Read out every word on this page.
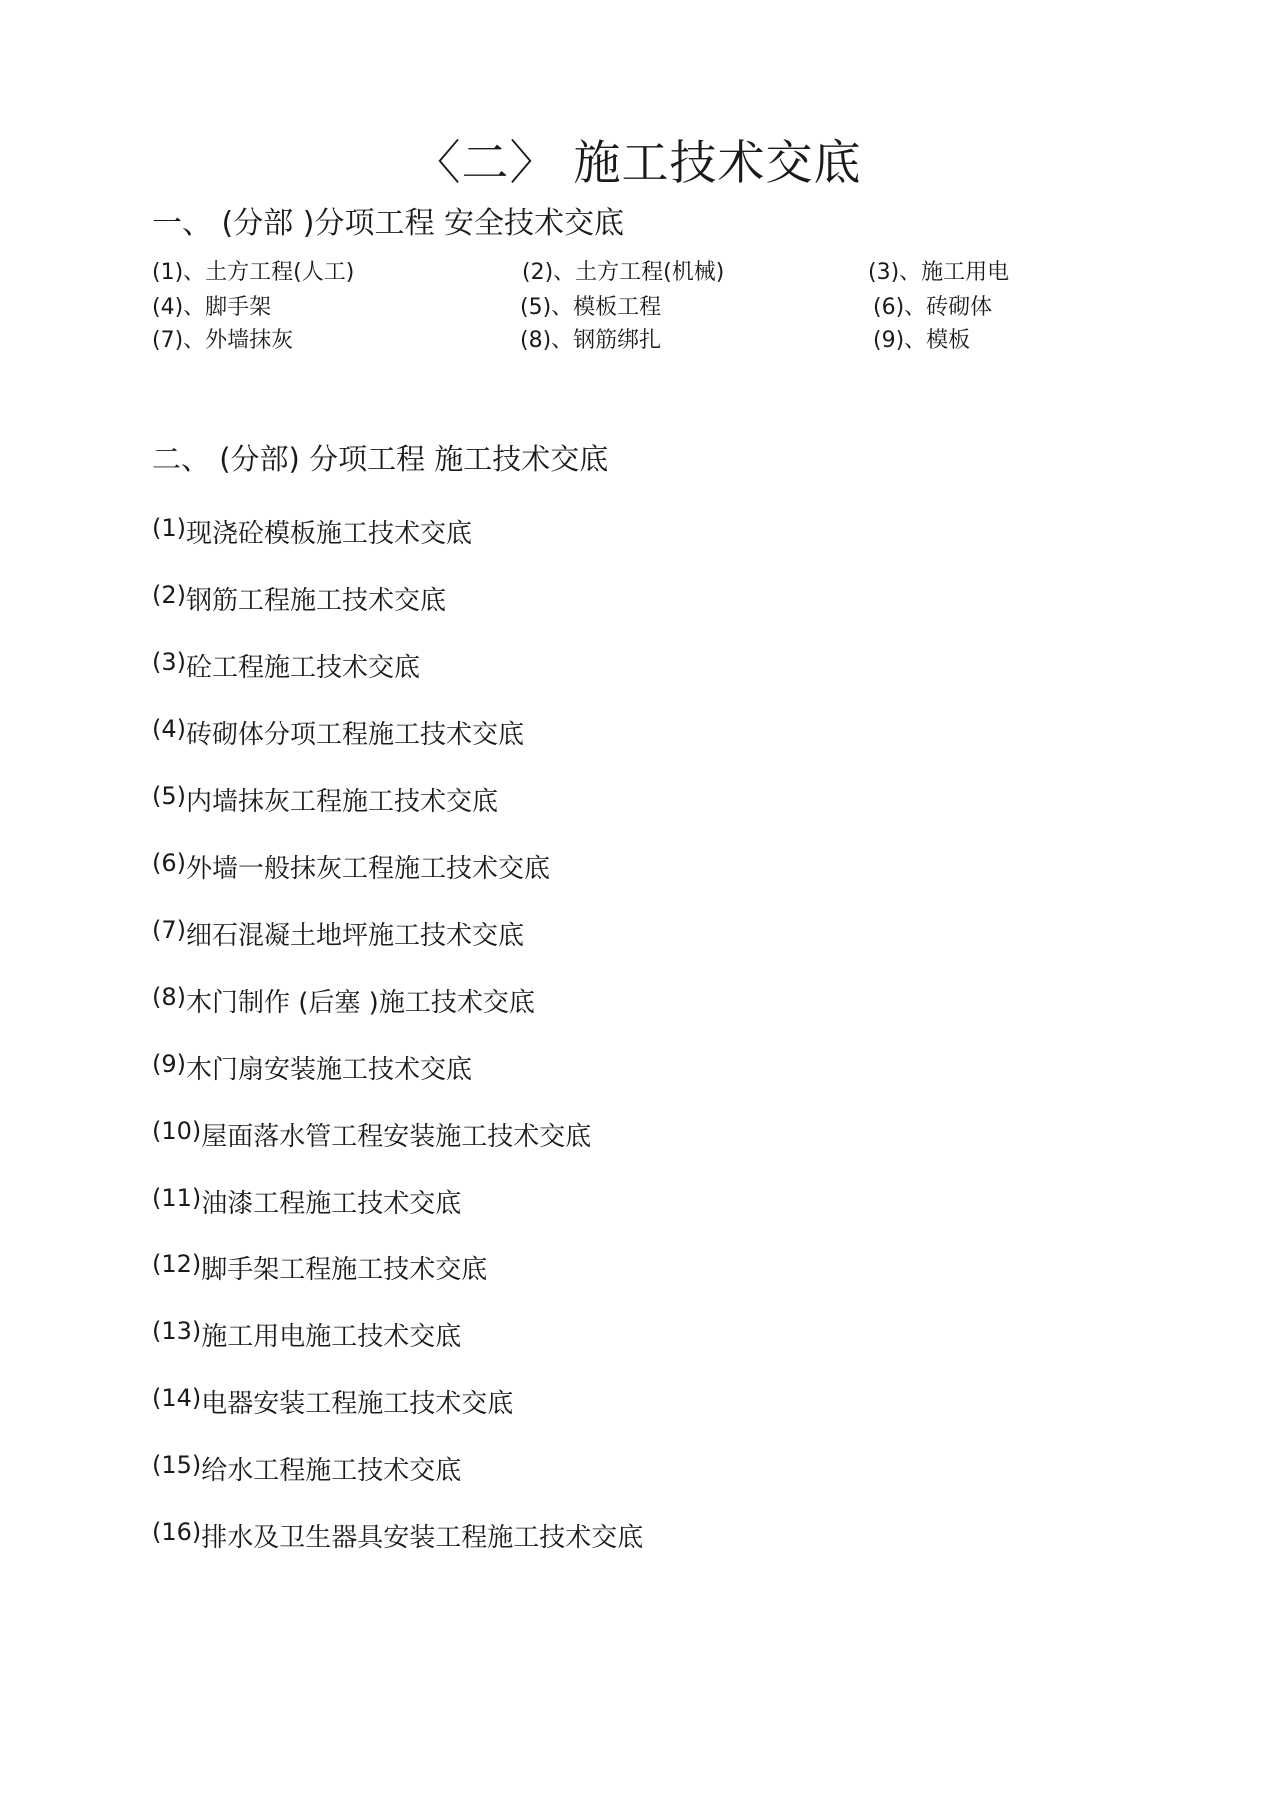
〈二〉 施工技术交底
一、 (分部 )分项工程 安全技术交底
(1)、土方工程(人工)	(2)、土方工程(机械)	(3)、施工用电
(4)、脚手架	(5)、模板工程	(6)、砖砌体
(7)、外墙抹灰	(8)、钢筋绑扎	(9)、模板
二、 (分部) 分项工程 施工技术交底
(1)现浇砼模板施工技术交底
(2)钢筋工程施工技术交底
(3)砼工程施工技术交底
(4)砖砌体分项工程施工技术交底
(5)内墙抹灰工程施工技术交底
(6)外墙一般抹灰工程施工技术交底
(7)细石混凝土地坪施工技术交底
(8)木门制作 (后塞 )施工技术交底
(9)木门扇安装施工技术交底
(10)屋面落水管工程安装施工技术交底
(11)油漆工程施工技术交底
(12)脚手架工程施工技术交底
(13)施工用电施工技术交底
(14)电器安装工程施工技术交底
(15)给水工程施工技术交底
(16)排水及卫生器具安装工程施工技术交底
